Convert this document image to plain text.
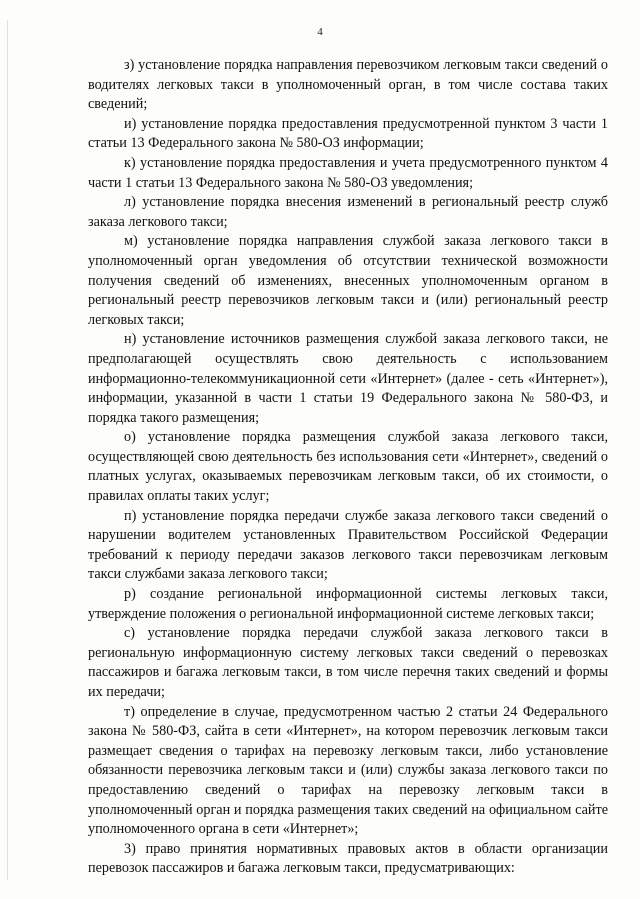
4

з) установление порядка направления перевозчиком легковым такси сведений о водителях легковых такси в уполномоченный орган, в том числе состава таких сведений;

и) установление порядка предоставления предусмотренной пунктом 3 части 1 статьи 13 Федерального закона № 580-ОЗ информации;

к) установление порядка предоставления и учета предусмотренного пунктом 4 части 1 статьи 13 Федерального закона № 580-ОЗ уведомления;

л) установление порядка внесения изменений в региональный реестр служб заказа легкового такси;

м) установление порядка направления службой заказа легкового такси в уполномоченный орган уведомления об отсутствии технической возможности получения сведений об изменениях, внесенных уполномоченным органом в региональный реестр перевозчиков легковым такси и (или) региональный реестр легковых такси;

н) установление источников размещения службой заказа легкового такси, не предполагающей осуществлять свою деятельность с использованием информационно-телекоммуникационной сети «Интернет» (далее - сеть «Интернет»), информации, указанной в части 1 статьи 19 Федерального закона № 580-ФЗ, и порядка такого размещения;

о) установление порядка размещения службой заказа легкового такси, осуществляющей свою деятельность без использования сети «Интернет», сведений о платных услугах, оказываемых перевозчикам легковым такси, об их стоимости, о правилах оплаты таких услуг;

п) установление порядка передачи службе заказа легкового такси сведений о нарушении водителем установленных Правительством Российской Федерации требований к периоду передачи заказов легкового такси перевозчикам легковым такси службами заказа легкового такси;

р) создание региональной информационной системы легковых такси, утверждение положения о региональной информационной системе легковых такси;

с) установление порядка передачи службой заказа легкового такси в региональную информационную систему легковых такси сведений о перевозках пассажиров и багажа легковым такси, в том числе перечня таких сведений и формы их передачи;

т) определение в случае, предусмотренном частью 2 статьи 24 Федерального закона № 580-ФЗ, сайта в сети «Интернет», на котором перевозчик легковым такси размещает сведения о тарифах на перевозку легковым такси, либо установление обязанности перевозчика легковым такси и (или) службы заказа легкового такси по предоставлению сведений о тарифах на перевозку легковым такси в уполномоченный орган и порядка размещения таких сведений на официальном сайте уполномоченного органа в сети «Интернет»;

3) право принятия нормативных правовых актов в области организации перевозок пассажиров и багажа легковым такси, предусматривающих:
